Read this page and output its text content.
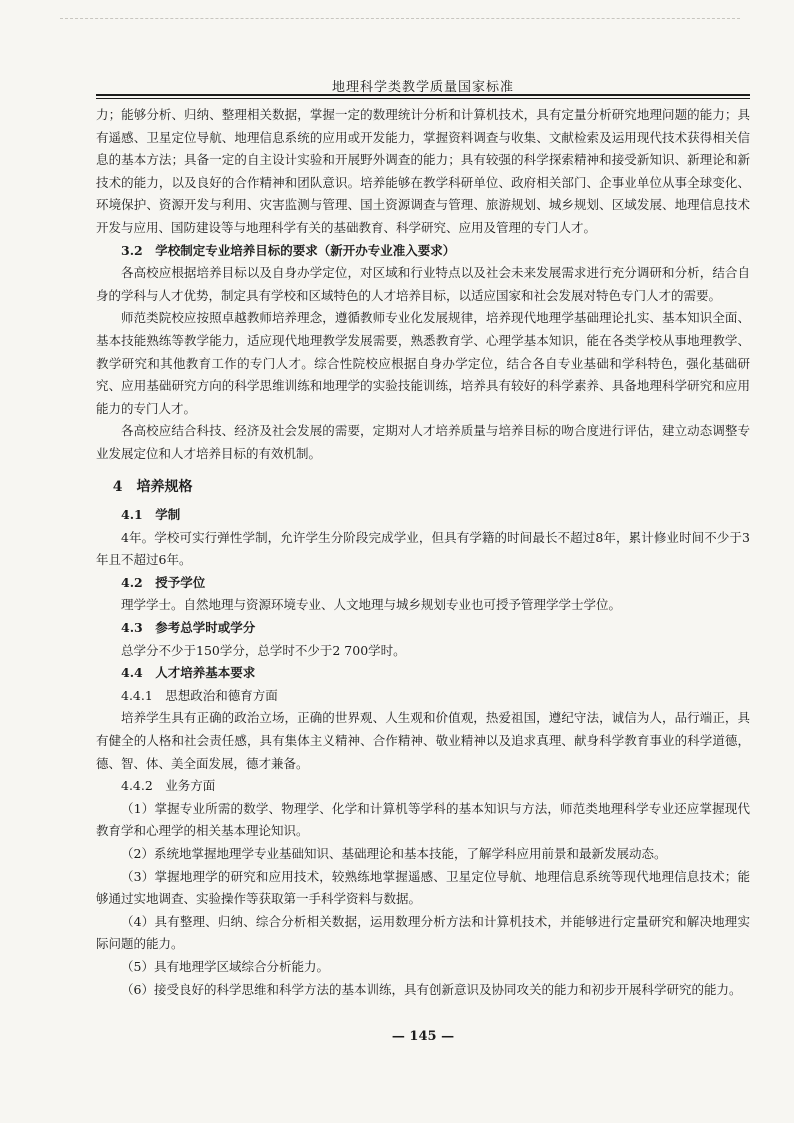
地理科学类教学质量国家标准

力；能够分析、归纳、整理相关数据，掌握一定的数理统计分析和计算机技术，具有定量分析研究地理问题的能力；具有遥感、卫星定位导航、地理信息系统的应用或开发能力，掌握资料调查与收集、文献检索及运用现代技术获得相关信息的基本方法；具备一定的自主设计实验和开展野外调查的能力；具有较强的科学探索精神和接受新知识、新理论和新技术的能力，以及良好的合作精神和团队意识。培养能够在教学科研单位、政府相关部门、企事业单位从事全球变化、环境保护、资源开发与利用、灾害监测与管理、国土资源调查与管理、旅游规划、城乡规划、区域发展、地理信息技术开发与应用、国防建设等与地理科学有关的基础教育、科学研究、应用及管理的专门人才。

3.2　学校制定专业培养目标的要求（新开办专业准入要求）

各高校应根据培养目标以及自身办学定位，对区域和行业特点以及社会未来发展需求进行充分调研和分析，结合自身的学科与人才优势，制定具有学校和区域特色的人才培养目标，以适应国家和社会发展对特色专门人才的需要。

师范类院校应按照卓越教师培养理念，遵循教师专业化发展规律，培养现代地理学基础理论扎实、基本知识全面、基本技能熟练等教学能力，适应现代地理教学发展需要，熟悉教育学、心理学基本知识，能在各类学校从事地理教学、教学研究和其他教育工作的专门人才。综合性院校应根据自身办学定位，结合各自专业基础和学科特色，强化基础研究、应用基础研究方向的科学思维训练和地理学的实验技能训练，培养具有较好的科学素养、具备地理科学研究和应用能力的专门人才。

各高校应结合科技、经济及社会发展的需要，定期对人才培养质量与培养目标的吻合度进行评估，建立动态调整专业发展定位和人才培养目标的有效机制。

4　培养规格

4.1　学制

4年。学校可实行弹性学制，允许学生分阶段完成学业，但具有学籍的时间最长不超过8年，累计修业时间不少于3年且不超过6年。

4.2　授予学位

理学学士。自然地理与资源环境专业、人文地理与城乡规划专业也可授予管理学学士学位。

4.3　参考总学时或学分

总学分不少于150学分，总学时不少于2 700学时。

4.4　人才培养基本要求

4.4.1　思想政治和德育方面

培养学生具有正确的政治立场，正确的世界观、人生观和价值观，热爱祖国，遵纪守法，诚信为人，品行端正，具有健全的人格和社会责任感，具有集体主义精神、合作精神、敬业精神以及追求真理、献身科学教育事业的科学道德，德、智、体、美全面发展，德才兼备。

4.4.2　业务方面

（1）掌握专业所需的数学、物理学、化学和计算机等学科的基本知识与方法，师范类地理科学专业还应掌握现代教育学和心理学的相关基本理论知识。

（2）系统地掌握地理学专业基础知识、基础理论和基本技能，了解学科应用前景和最新发展动态。

（3）掌握地理学的研究和应用技术，较熟练地掌握遥感、卫星定位导航、地理信息系统等现代地理信息技术；能够通过实地调查、实验操作等获取第一手科学资料与数据。

（4）具有整理、归纳、综合分析相关数据，运用数理分析方法和计算机技术，并能够进行定量研究和解决地理实际问题的能力。

（5）具有地理学区域综合分析能力。

（6）接受良好的科学思维和科学方法的基本训练，具有创新意识及协同攻关的能力和初步开展科学研究的能力。

— 145 —
